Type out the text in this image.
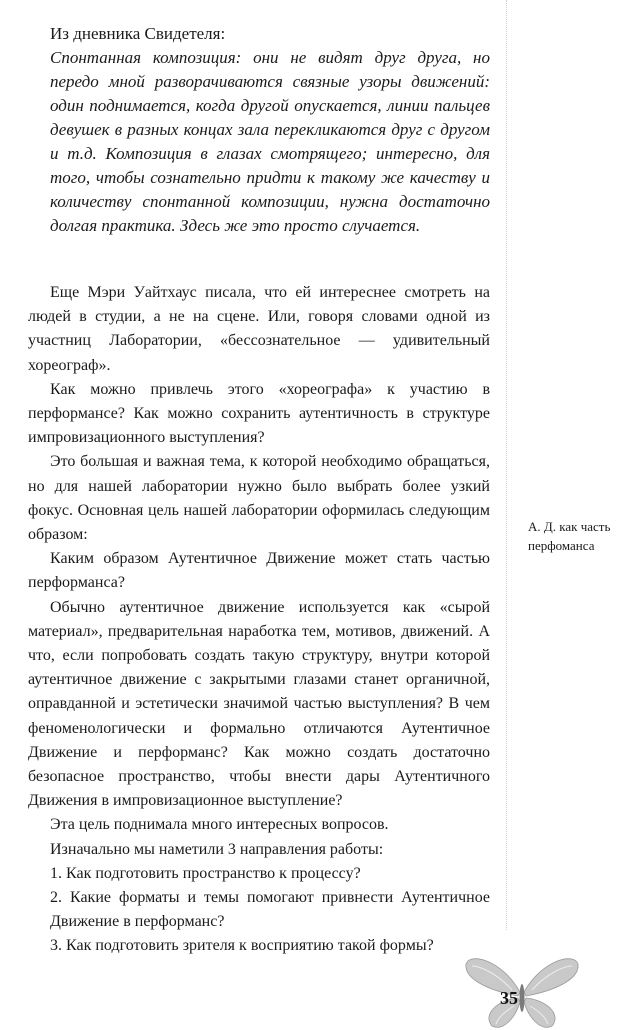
Из дневника Свидетеля:

Спонтанная композиция: они не видят друг друга, но передо мной разворачиваются связные узоры движений: один поднимается, когда другой опускается, линии пальцев девушек в разных концах зала перекликаются друг с другом и т.д. Композиция в глазах смотрящего; интересно, для того, чтобы сознательно придти к такому же качеству и количеству спонтанной композиции, нужна достаточно долгая практика. Здесь же это просто случается.

Еще Мэри Уайтхаус писала, что ей интереснее смотреть на людей в студии, а не на сцене. Или, говоря словами одной из участниц Лаборатории, «бессознательное — удивительный хореограф».

Как можно привлечь этого «хореографа» к участию в перформансе? Как можно сохранить аутентичность в структуре импровизационного выступления?

Это большая и важная тема, к которой необходимо обращаться, но для нашей лаборатории нужно было выбрать более узкий фокус. Основная цель нашей лаборатории оформилась следующим образом:

Каким образом Аутентичное Движение может стать частью перформанса?

Обычно аутентичное движение используется как «сырой материал», предварительная наработка тем, мотивов, движений. А что, если попробовать создать такую структуру, внутри которой аутентичное движение с закрытыми глазами станет органичной, оправданной и эстетически значимой частью выступления? В чем феноменологически и формально отличаются Аутентичное Движение и перформанс? Как можно создать достаточно безопасное пространство, чтобы внести дары Аутентичного Движения в импровизационное выступление?

Эта цель поднимала много интересных вопросов.

Изначально мы наметили 3 направления работы:

1. Как подготовить пространство к процессу?

2. Какие форматы и темы помогают привнести Аутентичное Движение в перформанс?

3. Как подготовить зрителя к восприятию такой формы?

А. Д. как часть перфоманса
35
